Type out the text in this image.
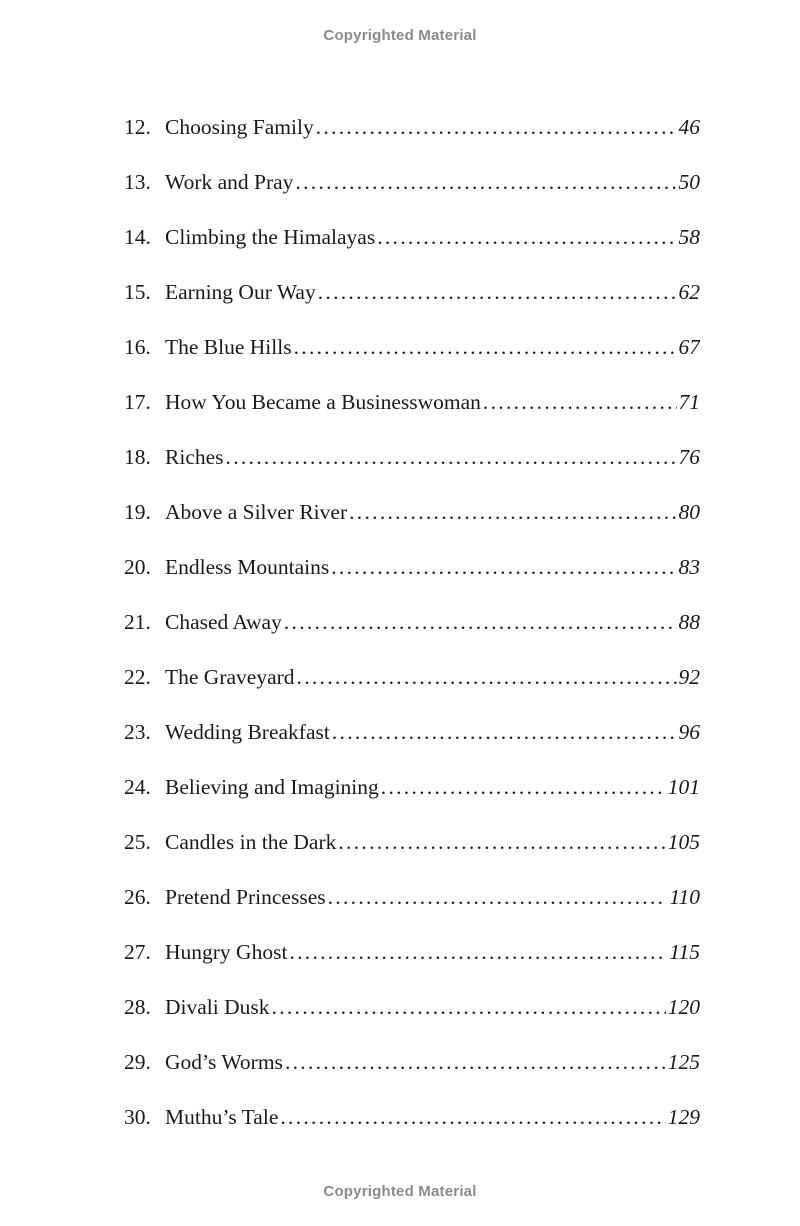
Copyrighted Material
12. Choosing Family .....	46
13. Work and Pray .....	50
14. Climbing the Himalayas .....	58
15. Earning Our Way .....	62
16. The Blue Hills .....	67
17. How You Became a Businesswoman .....	71
18. Riches .....	76
19. Above a Silver River .....	80
20. Endless Mountains .....	83
21. Chased Away .....	88
22. The Graveyard .....	92
23. Wedding Breakfast .....	96
24. Believing and Imagining .....	101
25. Candles in the Dark .....	105
26. Pretend Princesses .....	110
27. Hungry Ghost .....	115
28. Divali Dusk .....	120
29. God’s Worms .....	125
30. Muthu’s Tale .....	129
Copyrighted Material
